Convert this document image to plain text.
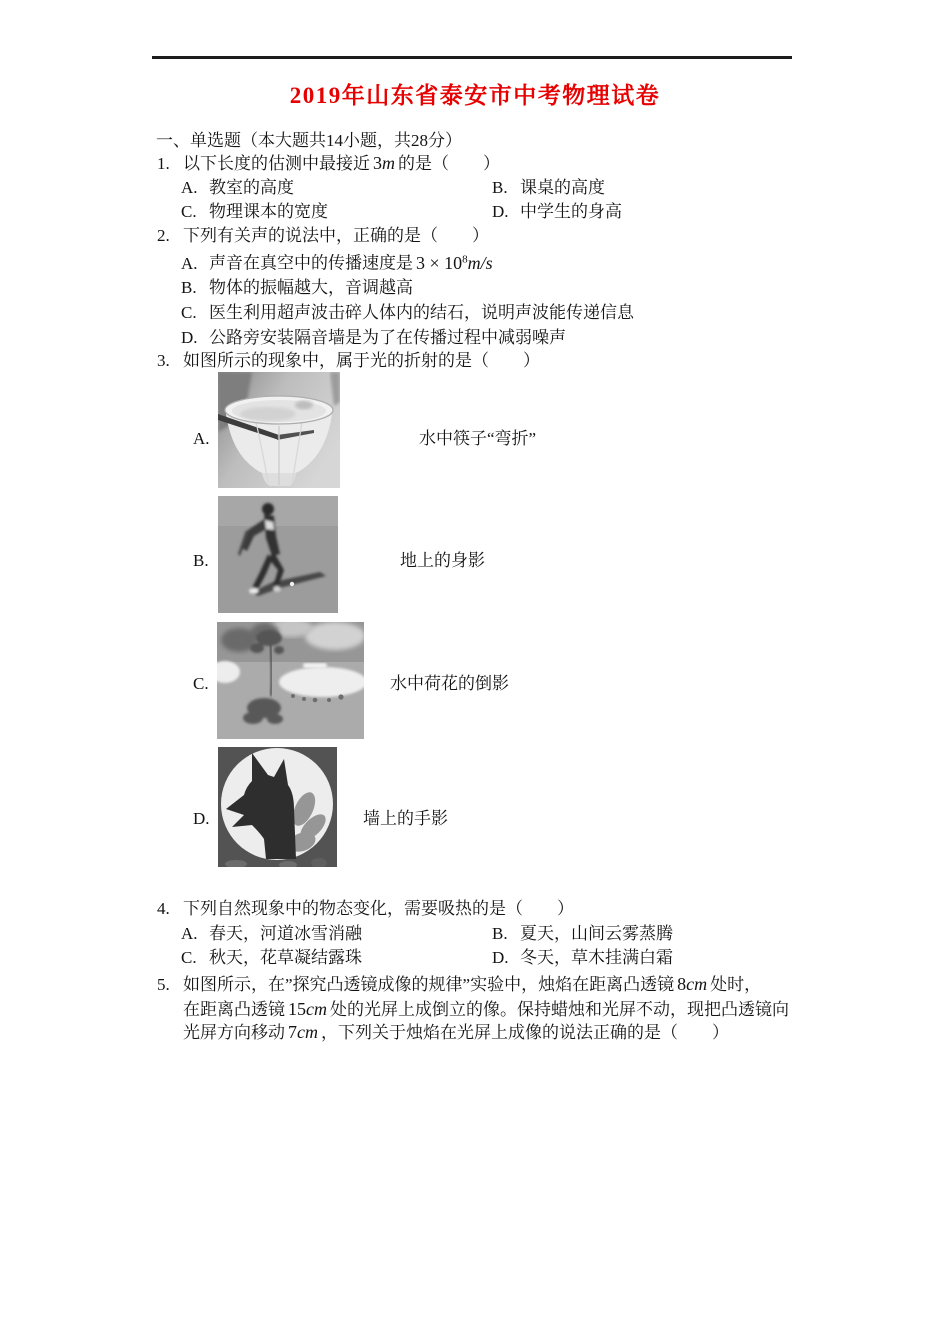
2019年山东省泰安市中考物理试卷
一、单选题（本大题共14小题，共28分）
1. 以下长度的估测中最接近 3m 的是（　　）
A. 教室的高度	B. 课桌的高度
C. 物理课本的宽度	D. 中学生的身高
2. 下列有关声的说法中，正确的是（　　）
A. 声音在真空中的传播速度是 $3 \times 10^8m/s$
B. 物体的振幅越大，音调越高
C. 医生利用超声波击碎人体内的结石，说明声波能传递信息
D. 公路旁安装隔音墙是为了在传播过程中减弱噪声
3. 如图所示的现象中，属于光的折射的是（　　）
A.	水中筷子“弯折”
B.	地上的身影
C.	水中荷花的倒影
D.	墙上的手影
4. 下列自然现象中的物态变化，需要吸热的是（　　）
A. 春天，河道冰雪消融	B. 夏天，山间云雾蒸腾
C. 秋天，花草凝结露珠	D. 冬天，草木挂满白霜
5. 如图所示，在”探究凸透镜成像的规律”实验中，烛焰在距离凸透镜 8cm 处时，
在距离凸透镜 15cm 处的光屏上成倒立的像。保持蜡烛和光屏不动，现把凸透镜向
光屏方向移动 7cm ，下列关于烛焰在光屏上成像的说法正确的是（　　）
